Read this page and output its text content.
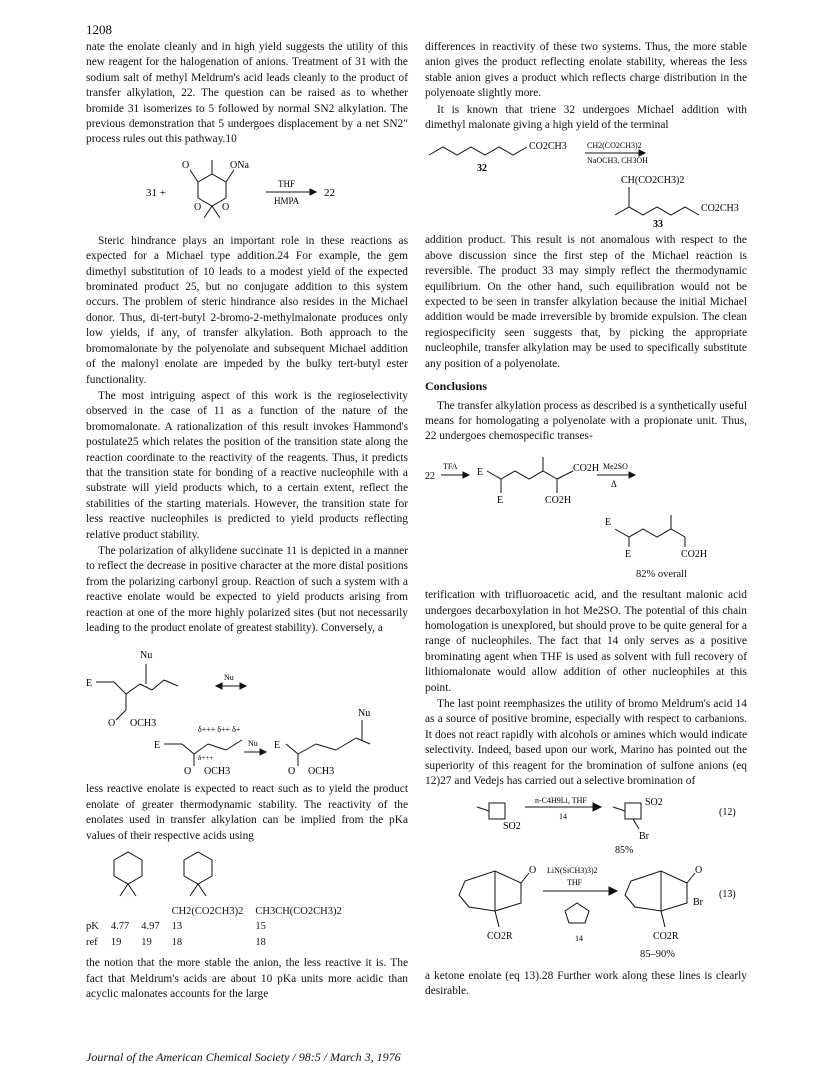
1208

nate the enolate cleanly and in high yield suggests the utility of this new reagent for the halogenation of anions. Treatment of 31 with the sodium salt of methyl Meldrum's acid leads cleanly to the product of transfer alkylation, 22. The question can be raised as to whether bromide 31 isomerizes to 5 followed by normal SN2 alkylation. The previous demonstration that 5 undergoes displacement by a net SN2″ process rules out this pathway.10

31 +
O
O O
ONa
THF
HMPA
22

Steric hindrance plays an important role in these reactions as expected for a Michael type addition.24 For example, the gem dimethyl substitution of 10 leads to a modest yield of the expected brominated product 25, but no conjugate addition to this system occurs. The problem of steric hindrance also resides in the Michael donor. Thus, di-tert-butyl 2-bromo-2-methylmalonate produces only low yields, if any, of transfer alkylation. Both approach to the bromomalonate by the polyenolate and subsequent Michael addition of the malonyl enolate are impeded by the bulky tert-butyl ester functionality.

The most intriguing aspect of this work is the regioselectivity observed in the case of 11 as a function of the nature of the bromomalonate. A rationalization of this result invokes Hammond's postulate25 which relates the position of the transition state along the reaction coordinate to the reactivity of the reagents. Thus, it predicts that the transition state for bonding of a reactive nucleophile with a substrate will yield products which, to a certain extent, reflect the stabilities of the starting materials. However, the transition state for less reactive nucleophiles is predicted to yield products reflecting relative product stability.

The polarization of alkylidene succinate 11 is depicted in a manner to reflect the decrease in positive character at the more distal positions from the polarizing carbonyl group. Reaction of such a system with a reactive enolate would be expected to yield products arising from reaction at one of the more highly polarized sites (but not necessarily leading to the product enolate of greatest stability). Conversely, a

Nu
E
O OCH3
Nu
Nu
δ+++ δ++ δ+
E
δ+++
O OCH3
Nu E
O OCH3

less reactive enolate is expected to react such as to yield the product enolate of greater thermodynamic stability. The reactivity of the enolates used in transfer alkylation can be implied from the pKa values of their respective acids using

			CH2(CO2CH3)2	CH3CH(CO2CH3)2
pK	4.77	4.97	13	15
ref	19	19	18	18

the notion that the more stable the anion, the less reactive it is. The fact that Meldrum's acids are about 10 pKa units more acidic than acyclic malonates accounts for the large

differences in reactivity of these two systems. Thus, the more stable anion gives the product reflecting enolate stability, whereas the less stable anion gives a product which reflects charge distribution in the polyenoate slightly more.

It is known that triene 32 undergoes Michael addition with dimethyl malonate giving a high yield of the terminal

CO2CH3
32
CH2(CO2CH3)2
NaOCH3, CH3OH
CH(CO2CH3)2
CO2CH3
33

addition product. This result is not anomalous with respect to the above discussion since the first step of the Michael reaction is reversible. The product 33 may simply reflect the thermodynamic equilibrium. On the other hand, such equilibration would not be expected to be seen in transfer alkylation because the initial Michael addition would be made irreversible by bromide expulsion. The clean regiospecificity seen suggests that, by picking the appropriate nucleophile, transfer alkylation may be used to specifically substitute any position of a polyenolate.

Conclusions

The transfer alkylation process as described is a synthetically useful means for homologating a polyenolate with a propionate unit. Thus, 22 undergoes chemospecific transes-

22
TFA
E
E
CO2H
CO2H
Me2SO
Δ
E
E	CO2H
82% overall

terification with trifluoroacetic acid, and the resultant malonic acid undergoes decarboxylation in hot Me2SO. The potential of this chain homologation is unexplored, but should prove to be quite general for a range of nucleophiles. The fact that 14 only serves as a positive brominating agent when THF is used as solvent with full recovery of lithiomalonate would allow addition of other nucleophiles at this point.

The last point reemphasizes the utility of bromo Meldrum's acid 14 as a source of positive bromine, especially with respect to carbanions. It does not react rapidly with alcohols or amines which would indicate selectivity. Indeed, based upon our work, Marino has pointed out the superiority of this reagent for the bromination of sulfone anions (eq 12)27 and Vedejs has carried out a selective bromination of

SO2
n-C4H9Li, THF
14
SO2
Br
85%
(12)
O LiN(SiCH3)3)2
THF
14
CO2R
O
Br
CO2R
(13)
85–90%

a ketone enolate (eq 13).28 Further work along these lines is clearly desirable.

Journal of the American Chemical Society / 98:5 / March 3, 1976
